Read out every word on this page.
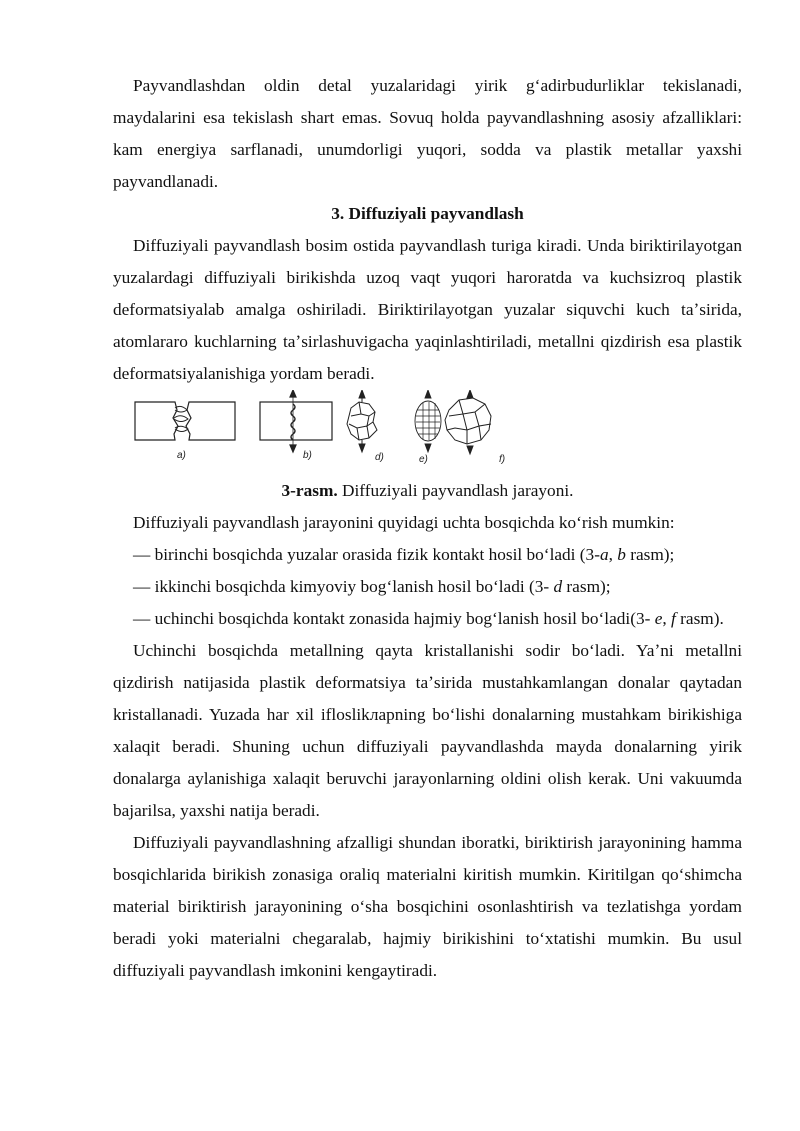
Payvandlashdan oldin detal yuzalaridagi yirik gʻadirbudurliklar tekislanadi, maydalarini esa tekislash shart emas. Sovuq holda payvandlashning asosiy afzalliklari: kam energiya sarflanadi, unumdorligi yuqori, sodda va plastik metallar yaxshi payvandlanadi.

3. Diffuziyali payvandlash

Diffuziyali payvandlash bosim ostida payvandlash turiga kiradi. Unda biriktirilayotgan yuzalardagi diffuziyali birikishda uzoq vaqt yuqori haroratda va kuchsizroq plastik deformatsiyalab amalga oshiriladi. Biriktirilayotgan yuzalar siquvchi kuch taʼsirida, atomlararo kuchlarning taʼsirlashuvigacha yaqinlashtiriladi, metallni qizdirish esa plastik deformatsiyalanishiga yordam beradi.

a)	b)	d)	e)	f)

3-rasm. Diffuziyali payvandlash jarayoni.

Diffuziyali payvandlash jarayonini quyidagi uchta bosqichda koʻrish mumkin:

— birinchi bosqichda yuzalar orasida fizik kontakt hosil boʻladi (3-a, b rasm);

— ikkinchi bosqichda kimyoviy bogʻlanish hosil boʻladi (3- d rasm);

— uchinchi bosqichda kontakt zonasida hajmiy bogʻlanish hosil boʻladi(3- e, f rasm).

Uchinchi bosqichda metallning qayta kristallanishi sodir boʻladi. Yaʼni metallni qizdirish natijasida plastik deformatsiya taʼsirida mustahkamlangan donalar qaytadan kristallanadi. Yuzada har xil ifloslikларning boʻlishi donalarning mustahkam birikishiga xalaqit beradi. Shuning uchun diffuziyali payvandlashda mayda donalarning yirik donalarga aylanishiga xalaqit beruvchi jarayonlarning oldini olish kerak. Uni vakuumda bajarilsa, yaxshi natija beradi.

Diffuziyali payvandlashning afzalligi shundan iboratki, biriktirish jarayonining hamma bosqichlarida birikish zonasiga oraliq materialni kiritish mumkin. Kiritilgan qoʻshimcha material biriktirish jarayonining oʻsha bosqichini osonlashtirish va tezlatishga yordam beradi yoki materialni chegaralab, hajmiy birikishini toʻxtatishi mumkin. Bu usul diffuziyali payvandlash imkonini kengaytiradi.
